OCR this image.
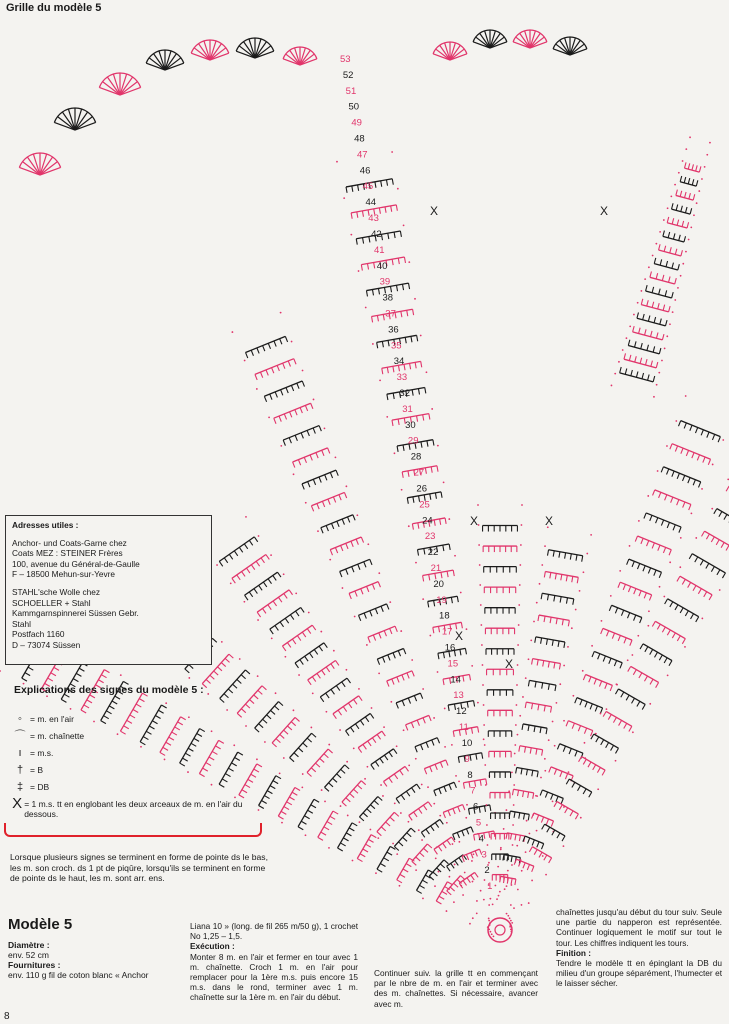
X	X
X	X
X
X
53
52
51
50
49
48
47
46
45
44
43
42
41
40
39
38
37
36
35
34
33
32
31
30
29
28
27
26
25
24
23
22
21
20
19
18
17
16
15
14
13
12
11
10
9
8
7
6
5
4
3
2
1
Grille du modèle 5
Adresses utiles :
Anchor- und Coats-Garne chez
Coats MEZ : STEINER Frères
100, avenue du Général-de-Gaulle
F – 18500 Mehun-sur-Yevre
STAHL'sche Wolle chez
SCHOELLER + Stahl
Kammgarnspinnerei Süssen Gebr.
Stahl
Postfach 1160
D – 73074 Süssen
Explications des signes du modèle 5 :
◦ = m. en l'air
⌒ = m. chaînette
ı = m.s.
† = B
‡ = DB
X = 1 m.s. tt en englobant les deux arceaux de m. en l'air du dessous.
Lorsque plusieurs signes se terminent en forme de pointe ds le bas, les m. son croch. ds 1 pt de piqûre, lorsqu'ils se terminent en forme de pointe ds le haut, les m. sont arr. ens.
Modèle 5
Diamètre :
env. 52 cm
Fournitures :
env. 110 g fil de coton blanc « Anchor
Liana 10 » (long. de fil 265 m/50 g), 1 crochet No 1,25 – 1,5.
Exécution :
Monter 8 m. en l'air et fermer en tour avec 1 m. chaînette. Croch 1 m. en l'air pour remplacer pour la 1ère m.s. puis encore 15 m.s. dans le rond, terminer avec 1 m. chaînette sur la 1ère m. en l'air du début.
Continuer suiv. la grille tt en commençant par le nbre de m. en l'air et terminer avec des m. chaînettes. Si nécessaire, avancer avec m.
chaînettes jusqu'au début du tour suiv. Seule une partie du napperon est représentée. Continuer logiquement le motif sur tout le tour. Les chiffres indiquent les tours.
Finition :
Tendre le modèle tt en épinglant la DB du milieu d'un groupe séparément, l'humecter et le laisser sécher.
8
